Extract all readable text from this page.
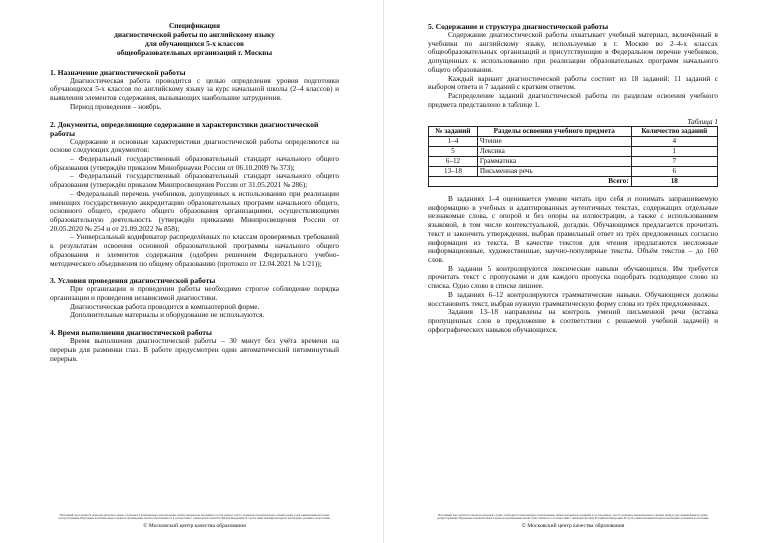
Спецификация
диагностической работы по английскому языку
для обучающихся 5-х классов
общеобразовательных организаций г. Москвы
1. Назначение диагностической работы

Диагностическая работа проводится с целью определения уровня подготовки обучающихся 5-х классов по английскому языку за курс начальной школы (2–4 классов) и выявления элементов содержания, вызывающих наибольшие затруднения.

Период проведения – ноябрь.

2. Документы, определяющие содержание и характеристики диагностической работы

Содержание и основные характеристики диагностической работы определяются на основе следующих документов:

– Федеральный государственный образовательный стандарт начального общего образования (утверждён приказом Минобрнауки России от 06.10.2009 № 373);

– Федеральный государственный образовательный стандарт начального общего образования (утверждён приказом Минпросвещения России от 31.05.2021 № 286);

– Федеральный перечень учебников, допущенных к использованию при реализации имеющих государственную аккредитацию образовательных программ начального общего, основного общего, среднего общего образования организациями, осуществляющими образовательную деятельность (утверждён приказами Минпросвещения России от 20.05.2020 № 254 и от 21.09.2022 № 858);

– Универсальный кодификатор распределённых по классам проверяемых требований к результатам освоения основной образовательной программы начального общего образования и элементов содержания (одобрен решением Федерального учебно-методического объединения по общему образованию (протокол от 12.04.2021 № 1/21));

3. Условия проведения диагностической работы

При организации и проведении работы необходимо строгое соблюдение порядка организации и проведения независимой диагностики.

Диагностическая работа проводится в компьютерной форме.

Дополнительные материалы и оборудование не используются.

4. Время выполнения диагностической работы

Время выполнения диагностической работы – 30 минут без учёта времени на перерыв для разминки глаз. В работе предусмотрен один автоматический пятиминутный перерыв.

Настоящий текст является объектом авторского права. Свободное и безвозмездное использование любых материалов, входящих в состав данного текста, возможно исключительно в личных целях и для ознакомления без права распространения. Нарушение исключительного права на произведение влечёт ответственность в соответствии с законодательством Российской Федерации. В случае заимствования материала необходимо указывать на источник.
© Московский центр качества образования
5. Содержание и структура диагностической работы

Содержание диагностической работы охватывает учебный материал, включённый в учебники по английскому языку, используемые в г. Москве во 2–4-х классах общеобразовательных организаций и присутствующие в Федеральном перечне учебников, допущенных к использованию при реализации образовательных программ начального общего образования.

Каждый вариант диагностической работы состоит из 18 заданий: 11 заданий с выбором ответа и 7 заданий с кратким ответом.

Распределение заданий диагностической работы по разделам освоения учебного предмета представлено в таблице 1.

Таблица 1
№ заданий	Разделы освоения учебного предмета	Количество заданий
1–4	Чтение	4
5	Лексика	1
6–12	Грамматика	7
13–18	Письменная речь	6
Всего:		18

В заданиях 1–4 оценивается умение читать про себя и понимать запрашиваемую информацию в учебных и адаптированных аутентичных текстах, содержащих отдельные незнакомые слова, с опорой и без опоры на иллюстрации, а также с использованием языковой, в том числе контекстуальной, догадки. Обучающимся предлагается прочитать текст и закончить утверждения, выбрав правильный ответ из трёх предложенных согласно информации из текста. В качестве текстов для чтения предлагаются несложные информационные, художественные, научно-популярные тексты. Объём текстов – до 160 слов.

В задании 5 контролируются лексические навыки обучающихся. Им требуется прочитать текст с пропусками и для каждого пропуска подобрать подходящее слово из списка. Одно слово в списке лишнее.

В заданиях 6–12 контролируются грамматические навыки. Обучающиеся должны восстановить текст, выбрав нужную грамматическую форму слова из трёх предложенных.

Задания 13–18 направлены на контроль умений письменной речи (вставка пропущенных слов в предложение в соответствии с решаемой учебной задачей) и орфографических навыков обучающихся.

Настоящий текст является объектом авторского права. Свободное и безвозмездное использование любых материалов, входящих в состав данного текста, возможно исключительно в личных целях и для ознакомления без права распространения. Нарушение исключительного права на произведение влечёт ответственность в соответствии с законодательством Российской Федерации. В случае заимствования материала необходимо указывать на источник.
© Московский центр качества образования
